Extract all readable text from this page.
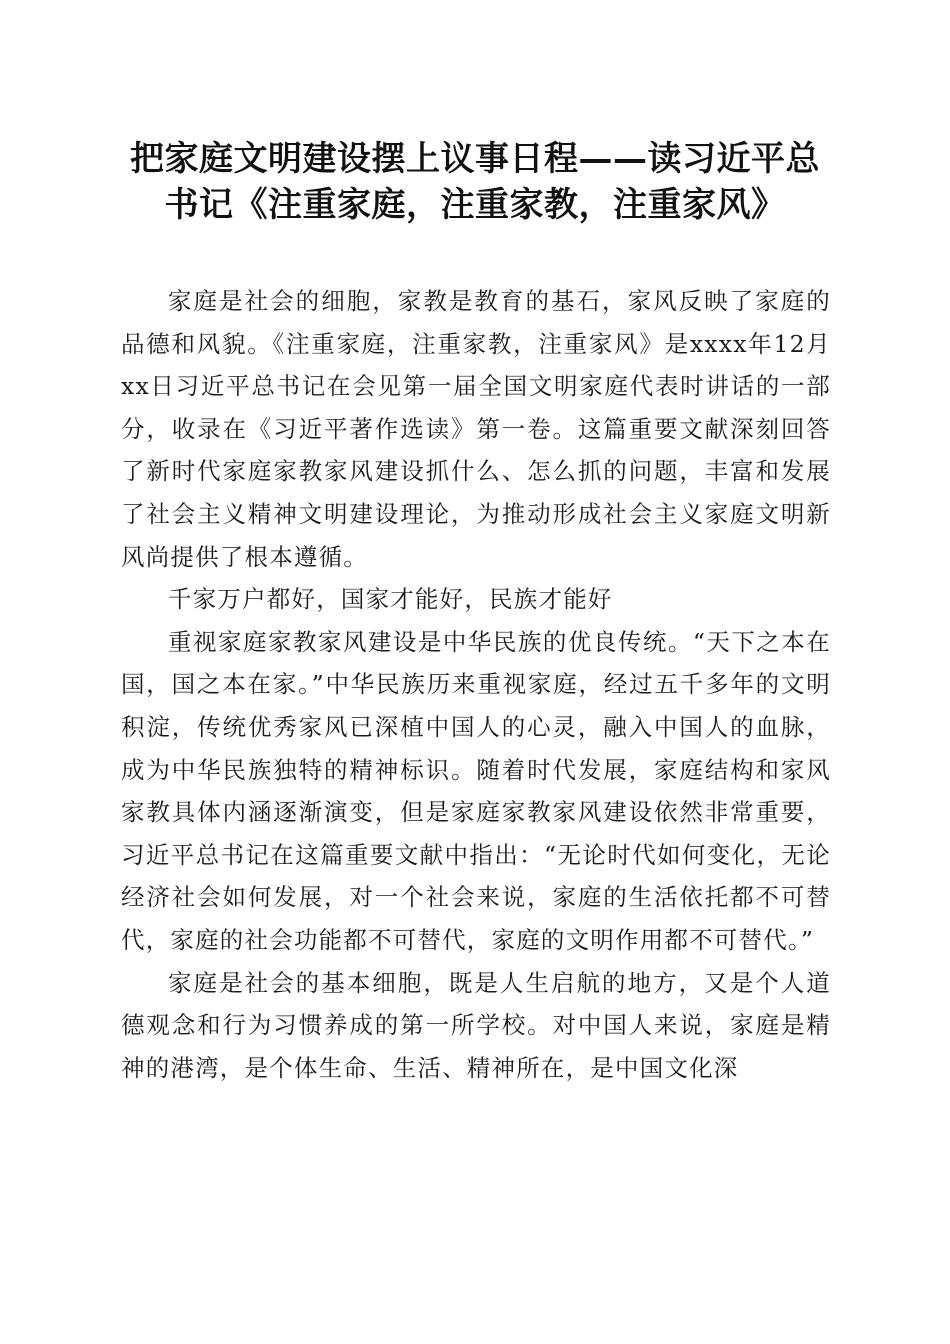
把家庭文明建设摆上议事日程——读习近平总
书记《注重家庭，注重家教，注重家风》

家庭是社会的细胞，家教是教育的基石，家风反映了家庭的品德和风貌。《注重家庭，注重家教，注重家风》是xxxx年12月xx日习近平总书记在会见第一届全国文明家庭代表时讲话的一部分，收录在《习近平著作选读》第一卷。这篇重要文献深刻回答了新时代家庭家教家风建设抓什么、怎么抓的问题，丰富和发展了社会主义精神文明建设理论，为推动形成社会主义家庭文明新风尚提供了根本遵循。

千家万户都好，国家才能好，民族才能好

重视家庭家教家风建设是中华民族的优良传统。“天下之本在国，国之本在家。”中华民族历来重视家庭，经过五千多年的文明积淀，传统优秀家风已深植中国人的心灵，融入中国人的血脉，成为中华民族独特的精神标识。随着时代发展，家庭结构和家风家教具体内涵逐渐演变，但是家庭家教家风建设依然非常重要，习近平总书记在这篇重要文献中指出：“无论时代如何变化，无论经济社会如何发展，对一个社会来说，家庭的生活依托都不可替代，家庭的社会功能都不可替代，家庭的文明作用都不可替代。”

家庭是社会的基本细胞，既是人生启航的地方，又是个人道德观念和行为习惯养成的第一所学校。对中国人来说，家庭是精神的港湾，是个体生命、生活、精神所在，是中国文化深
